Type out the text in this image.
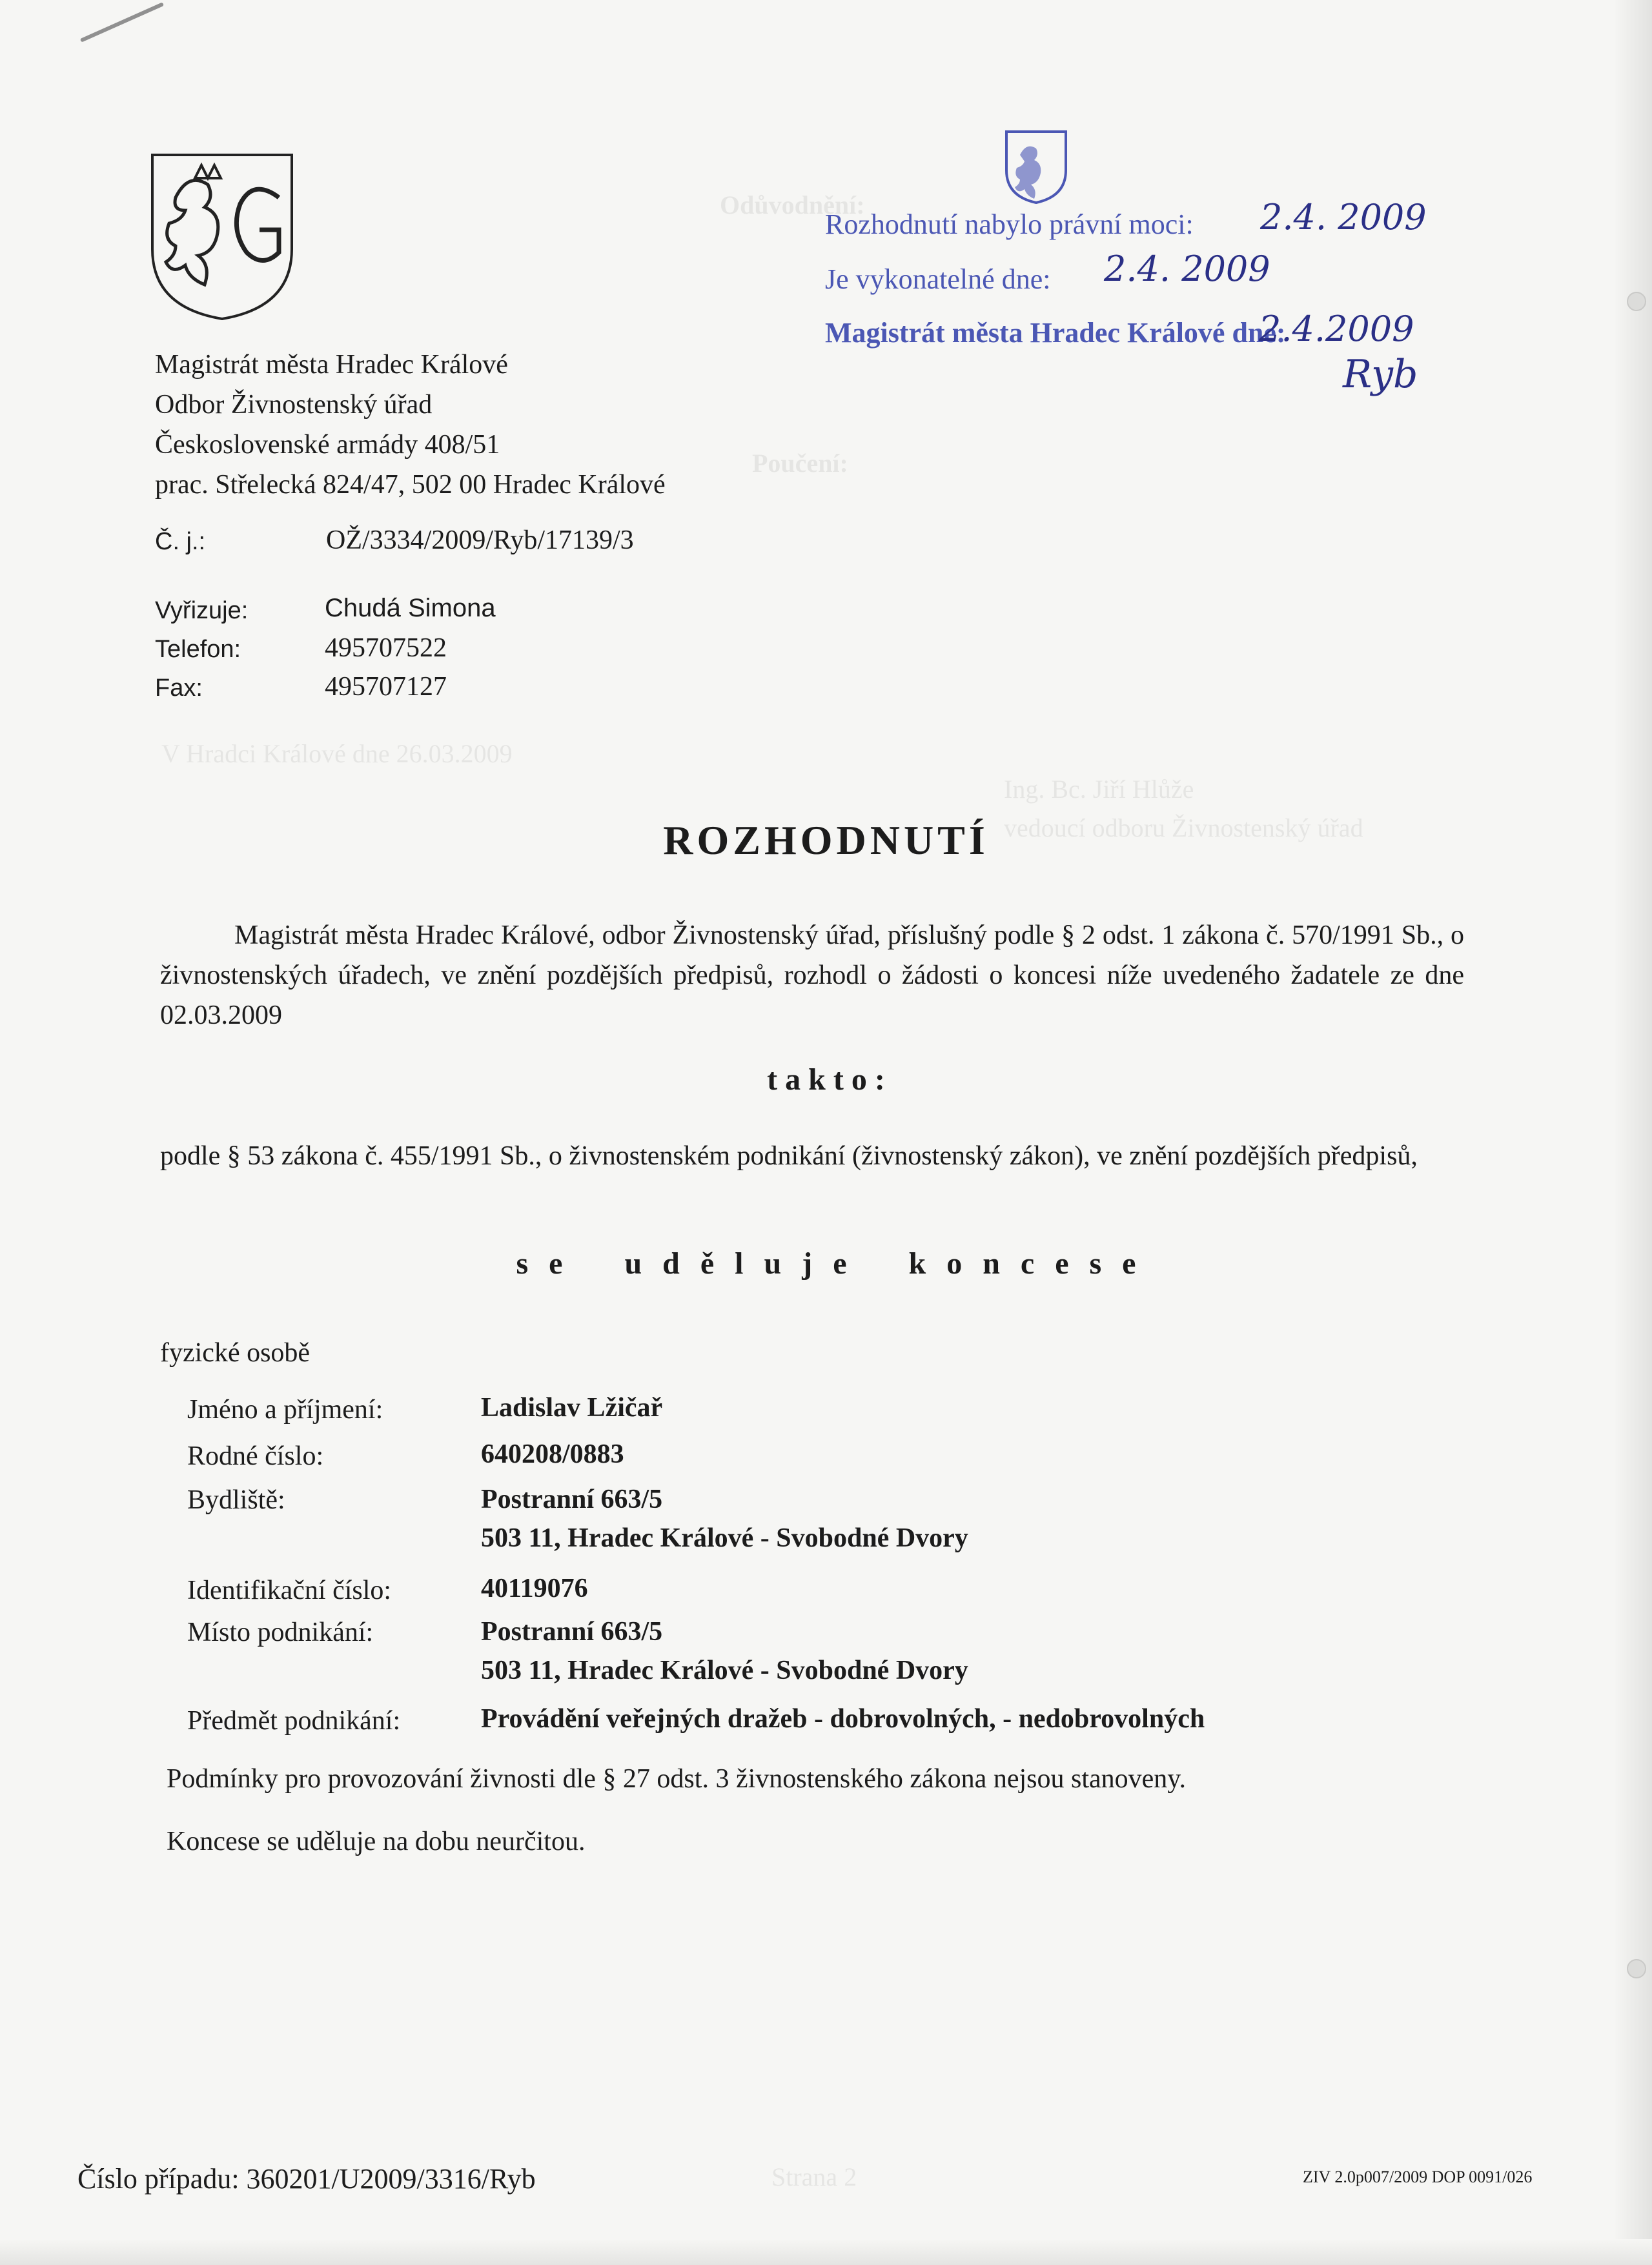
Odůvodnění:
Poučení:
V Hradci Králové dne 26.03.2009
Ing. Bc. Jiří Hlůže
vedoucí odboru Živnostenský úřad
Strana 2
Rozhodnutí nabylo právní moci: 2.4. 2009
Je vykonatelné dne: 2.4. 2009
Magistrát města Hradec Králové dne:
2.4.2009
Ryb
Magistrát města Hradec Králové
Odbor Živnostenský úřad
Československé armády 408/51
prac. Střelecká 824/47, 502 00 Hradec Králové
Č. j.:	OŽ/3334/2009/Ryb/17139/3
Vyřizuje:	Chudá Simona
Telefon:	495707522
Fax:	495707127
ROZHODNUTÍ
Magistrát města Hradec Králové, odbor Živnostenský úřad, příslušný podle § 2 odst. 1 zákona č. 570/1991 Sb., o živnostenských úřadech, ve znění pozdějších předpisů, rozhodl o žádosti o koncesi níže uvedeného žadatele ze dne 02.03.2009
t a k t o :
podle § 53 zákona č. 455/1991 Sb., o živnostenském podnikání (živnostenský zákon), ve znění pozdějších předpisů,
s e   u d ě l u j e   k o n c e s e
fyzické osobě
Jméno a příjmení:	Ladislav Lžičař
Rodné číslo:	640208/0883
Bydliště:	Postranní 663/5
503 11, Hradec Králové - Svobodné Dvory
Identifikační číslo:	40119076
Místo podnikání:	Postranní 663/5
503 11, Hradec Králové - Svobodné Dvory
Předmět podnikání:	Provádění veřejných dražeb - dobrovolných, - nedobrovolných
Podmínky pro provozování živnosti dle § 27 odst. 3 živnostenského zákona nejsou stanoveny.
Koncese se uděluje na dobu neurčitou.
Číslo případu: 360201/U2009/3316/Ryb	ZIV 2.0p007/2009 DOP 0091/026
